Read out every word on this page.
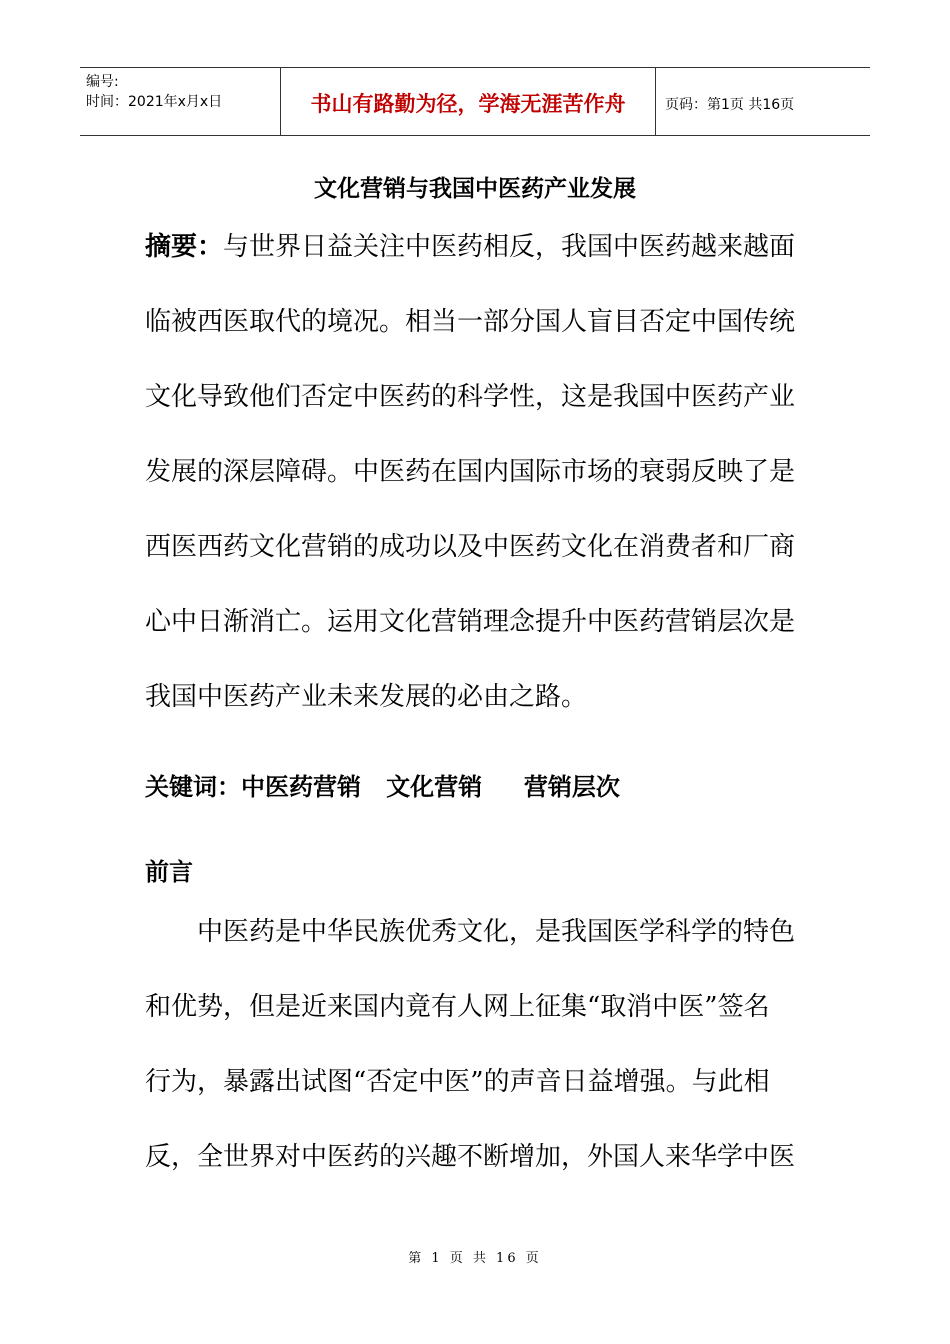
编号:
时间：2021年x月x日	书山有路勤为径，学海无涯苦作舟	页码：第1页 共16页
文化营销与我国中医药产业发展
摘要：与世界日益关注中医药相反，我国中医药越来越面
临被西医取代的境况。相当一部分国人盲目否定中国传统
文化导致他们否定中医药的科学性，这是我国中医药产业
发展的深层障碍。中医药在国内国际市场的衰弱反映了是
西医西药文化营销的成功以及中医药文化在消费者和厂商
心中日渐消亡。运用文化营销理念提升中医药营销层次是
我国中医药产业未来发展的必由之路。
关键词：中医药营销   文化营销     营销层次
前言
　　中医药是中华民族优秀文化，是我国医学科学的特色
和优势，但是近来国内竟有人网上征集“取消中医”签名
行为，暴露出试图“否定中医”的声音日益增强。与此相
反，全世界对中医药的兴趣不断增加，外国人来华学中医
第 1 页 共 16 页
